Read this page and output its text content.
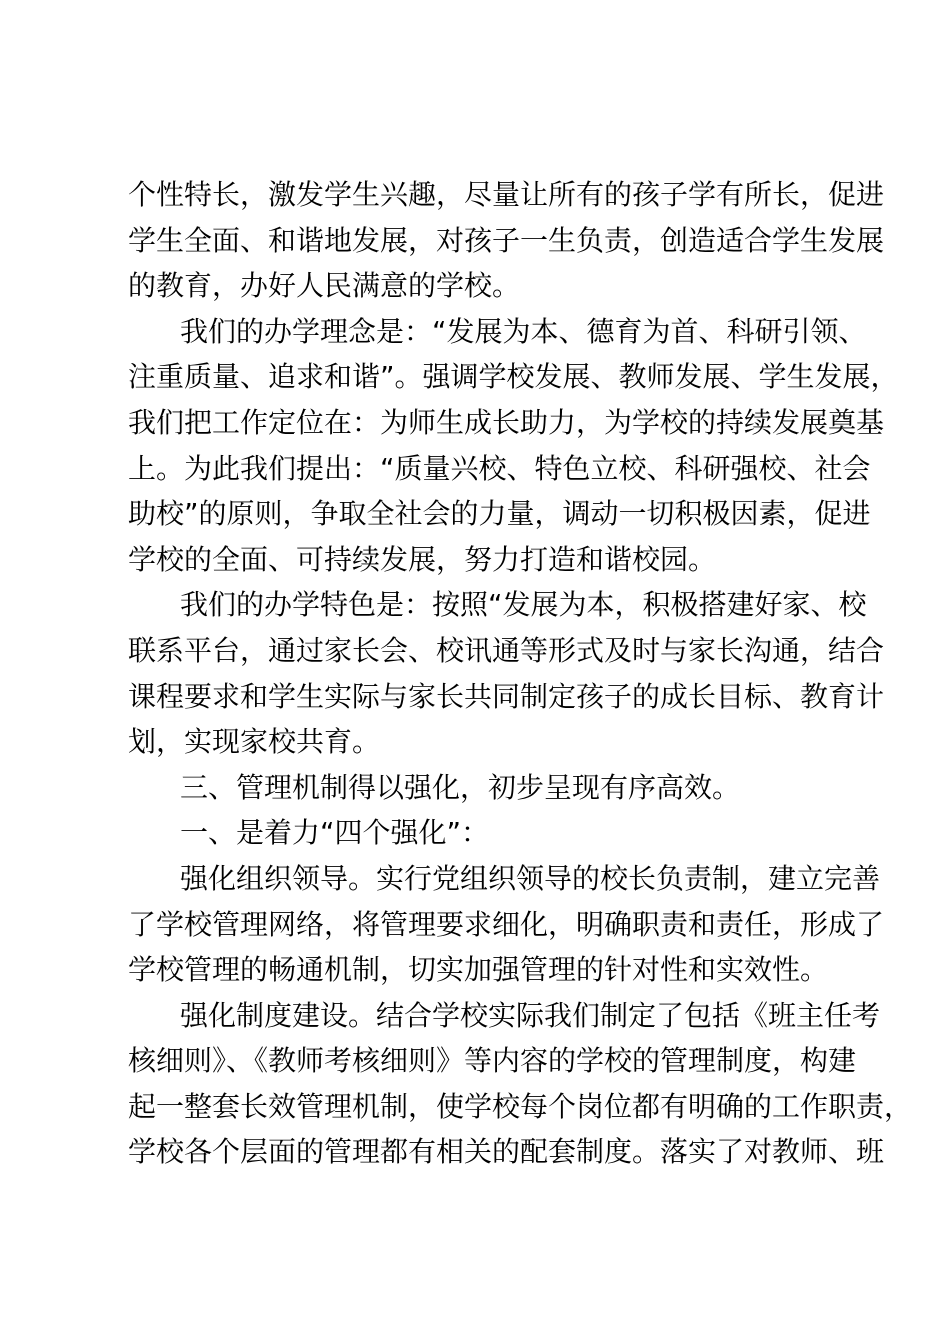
个性特长，激发学生兴趣，尽量让所有的孩子学有所长，促进
学生全面、和谐地发展，对孩子一生负责，创造适合学生发展
的教育，办好人民满意的学校。
我们的办学理念是：“发展为本、德育为首、科研引领、
注重质量、追求和谐”。强调学校发展、教师发展、学生发展，
我们把工作定位在：为师生成长助力，为学校的持续发展奠基
上。为此我们提出：“质量兴校、特色立校、科研强校、社会
助校”的原则，争取全社会的力量，调动一切积极因素，促进
学校的全面、可持续发展，努力打造和谐校园。
我们的办学特色是：按照“发展为本，积极搭建好家、校
联系平台，通过家长会、校讯通等形式及时与家长沟通，结合
课程要求和学生实际与家长共同制定孩子的成长目标、教育计
划，实现家校共育。
三、管理机制得以强化，初步呈现有序高效。
一、是着力“四个强化”：
强化组织领导。实行党组织领导的校长负责制，建立完善
了学校管理网络，将管理要求细化，明确职责和责任，形成了
学校管理的畅通机制，切实加强管理的针对性和实效性。
强化制度建设。结合学校实际我们制定了包括《班主任考
核细则》、《教师考核细则》等内容的学校的管理制度，构建
起一整套长效管理机制，使学校每个岗位都有明确的工作职责，
学校各个层面的管理都有相关的配套制度。落实了对教师、班
